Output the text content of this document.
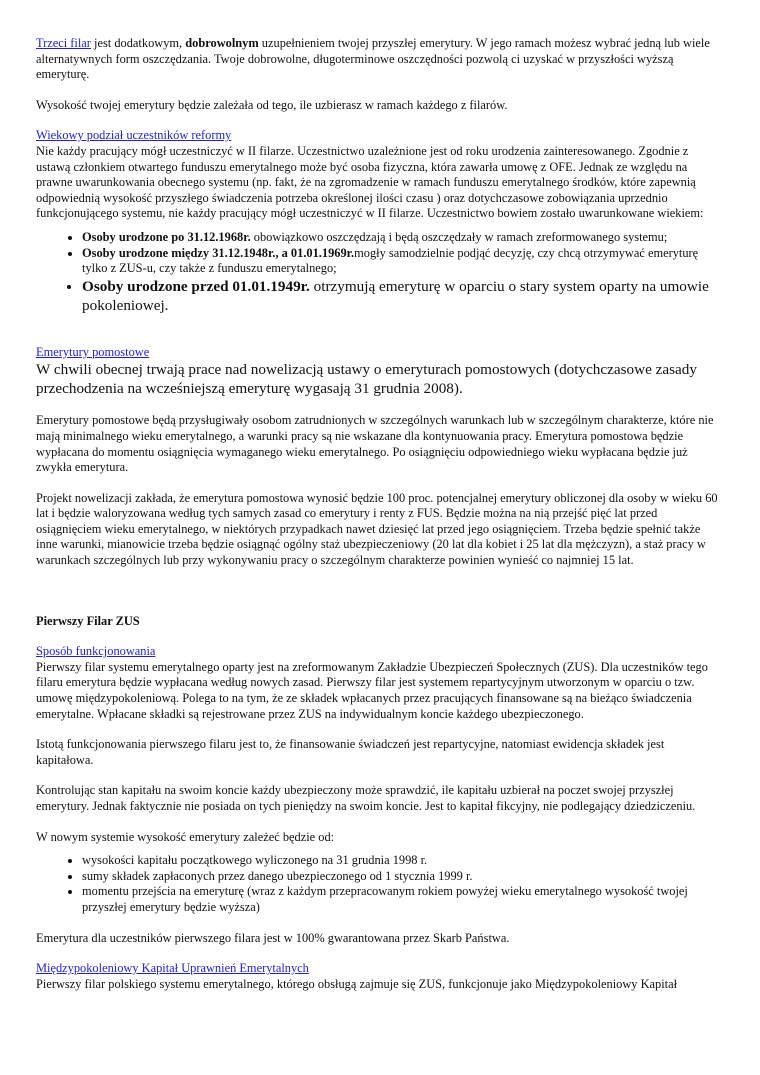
Trzeci filar jest dodatkowym, dobrowolnym uzupełnieniem twojej przyszłej emerytury. W jego ramach możesz wybrać jedną lub wiele alternatywnych form oszczędzania. Twoje dobrowolne, długoterminowe oszczędności pozwolą ci uzyskać w przyszłości wyższą emeryturę.

Wysokość twojej emerytury będzie zależała od tego, ile uzbierasz w ramach każdego z filarów.

Wiekowy podział uczestników reformy
Nie każdy pracujący mógł uczestniczyć w II filarze. Uczestnictwo uzależnione jest od roku urodzenia zainteresowanego. Zgodnie z ustawą członkiem otwartego funduszu emerytalnego może być osoba fizyczna, która zawarła umowę z OFE. Jednak ze względu na prawne uwarunkowania obecnego systemu (np. fakt, że na zgromadzenie w ramach funduszu emerytalnego środków, które zapewnią odpowiednią wysokość przyszłego świadczenia potrzeba określonej ilości czasu ) oraz dotychczasowe zobowiązania uprzednio funkcjonującego systemu, nie każdy pracujący mógł uczestniczyć w II filarze. Uczestnictwo bowiem zostało uwarunkowane wiekiem:

• Osoby urodzone po 31.12.1968r. obowiązkowo oszczędzają i będą oszczędzały w ramach zreformowanego systemu;
• Osoby urodzone między 31.12.1948r., a 01.01.1969r.mogły samodzielnie podjąć decyzję, czy chcą otrzymywać emeryturę tylko z ZUS-u, czy także z funduszu emerytalnego;
• Osoby urodzone przed 01.01.1949r. otrzymują emeryturę w oparciu o stary system oparty na umowie pokoleniowej.

Emerytury pomostowe
W chwili obecnej trwają prace nad nowelizacją ustawy o emeryturach pomostowych (dotychczasowe zasady przechodzenia na wcześniejszą emeryturę wygasają 31 grudnia 2008).

Emerytury pomostowe będą przysługiwały osobom zatrudnionych w szczególnych warunkach lub w szczególnym charakterze, które nie mają minimalnego wieku emerytalnego, a warunki pracy są nie wskazane dla kontynuowania pracy. Emerytura pomostowa będzie wypłacana do momentu osiągnięcia wymaganego wieku emerytalnego. Po osiągnięciu odpowiedniego wieku wypłacana będzie już zwykła emerytura.

Projekt nowelizacji zakłada, że emerytura pomostowa wynosić będzie 100 proc. potencjalnej emerytury obliczonej dla osoby w wieku 60 lat i będzie waloryzowana według tych samych zasad co emerytury i renty z FUS. Będzie można na nią przejść pięć lat przed osiągnięciem wieku emerytalnego, w niektórych przypadkach nawet dziesięć lat przed jego osiągnięciem. Trzeba będzie spełnić także inne warunki, mianowicie trzeba będzie osiągnąć ogólny staż ubezpieczeniowy (20 lat dla kobiet i 25 lat dla mężczyzn), a staż pracy w warunkach szczególnych lub przy wykonywaniu pracy o szczególnym charakterze powinien wynieść co najmniej 15 lat.

Pierwszy Filar ZUS

Sposób funkcjonowania
Pierwszy filar systemu emerytalnego oparty jest na zreformowanym Zakładzie Ubezpieczeń Społecznych (ZUS). Dla uczestników tego filaru emerytura będzie wypłacana według nowych zasad. Pierwszy filar jest systemem repartycyjnym utworzonym w oparciu o tzw. umowę międzypokoleniową. Polega to na tym, że ze składek wpłacanych przez pracujących finansowane są na bieżąco świadczenia emerytalne. Wpłacane składki są rejestrowane przez ZUS na indywidualnym koncie każdego ubezpieczonego.

Istotą funkcjonowania pierwszego filaru jest to, że finansowanie świadczeń jest repartycyjne, natomiast ewidencja składek jest kapitałowa.

Kontrolując stan kapitału na swoim koncie każdy ubezpieczony może sprawdzić, ile kapitału uzbierał na poczet swojej przyszłej emerytury. Jednak faktycznie nie posiada on tych pieniędzy na swoim koncie. Jest to kapitał fikcyjny, nie podlegający dziedziczeniu.

W nowym systemie wysokość emerytury zależeć będzie od:

• wysokości kapitału początkowego wyliczonego na 31 grudnia 1998 r.
• sumy składek zapłaconych przez danego ubezpieczonego od 1 stycznia 1999 r.
• momentu przejścia na emeryturę (wraz z każdym przepracowanym rokiem powyżej wieku emerytalnego wysokość twojej przyszłej emerytury będzie wyższa)

Emerytura dla uczestników pierwszego filara jest w 100% gwarantowana przez Skarb Państwa.

Międzypokoleniowy Kapitał Uprawnień Emerytalnych
Pierwszy filar polskiego systemu emerytalnego, którego obsługą zajmuje się ZUS, funkcjonuje jako Międzypokoleniowy Kapitał
